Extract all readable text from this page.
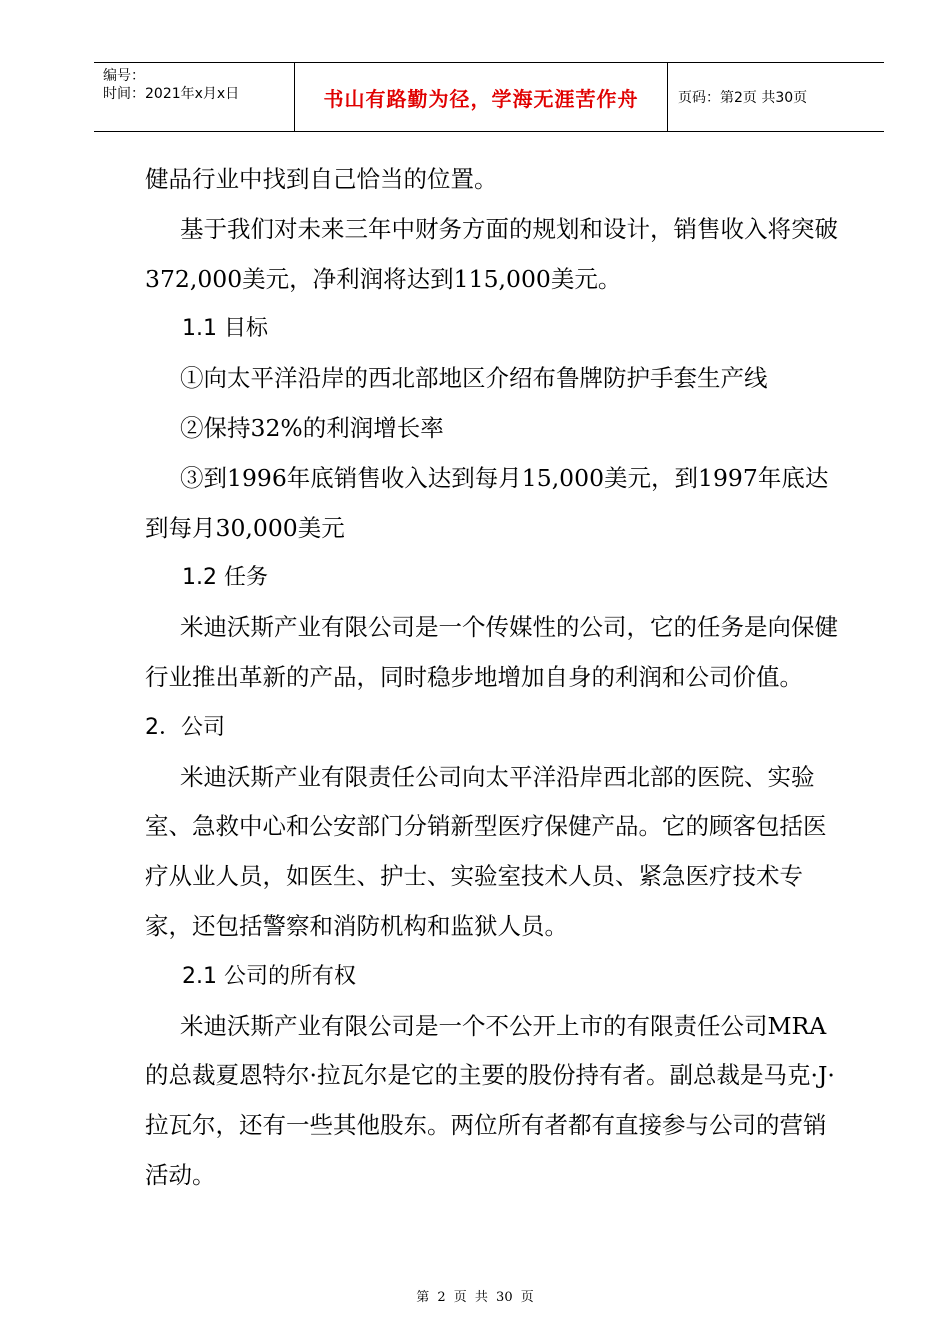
编号：
时间：2021年x月x日	书山有路勤为径，学海无涯苦作舟	页码：第2页 共30页

健品行业中找到自己恰当的位置。

基于我们对未来三年中财务方面的规划和设计，销售收入将突破372,000美元，净利润将达到115,000美元。

1.1 目标

①向太平洋沿岸的西北部地区介绍布鲁牌防护手套生产线

②保持32%的利润增长率

③到1996年底销售收入达到每月15,000美元，到1997年底达到每月30,000美元

1.2 任务

米迪沃斯产业有限公司是一个传媒性的公司，它的任务是向保健行业推出革新的产品，同时稳步地增加自身的利润和公司价值。

2．公司

米迪沃斯产业有限责任公司向太平洋沿岸西北部的医院、实验室、急救中心和公安部门分销新型医疗保健产品。它的顾客包括医疗从业人员，如医生、护士、实验室技术人员、紧急医疗技术专家，还包括警察和消防机构和监狱人员。

2.1 公司的所有权

米迪沃斯产业有限公司是一个不公开上市的有限责任公司MRA的总裁夏恩特尔·拉瓦尔是它的主要的股份持有者。副总裁是马克·J·拉瓦尔，还有一些其他股东。两位所有者都有直接参与公司的营销活动。

第 2 页 共 30 页
